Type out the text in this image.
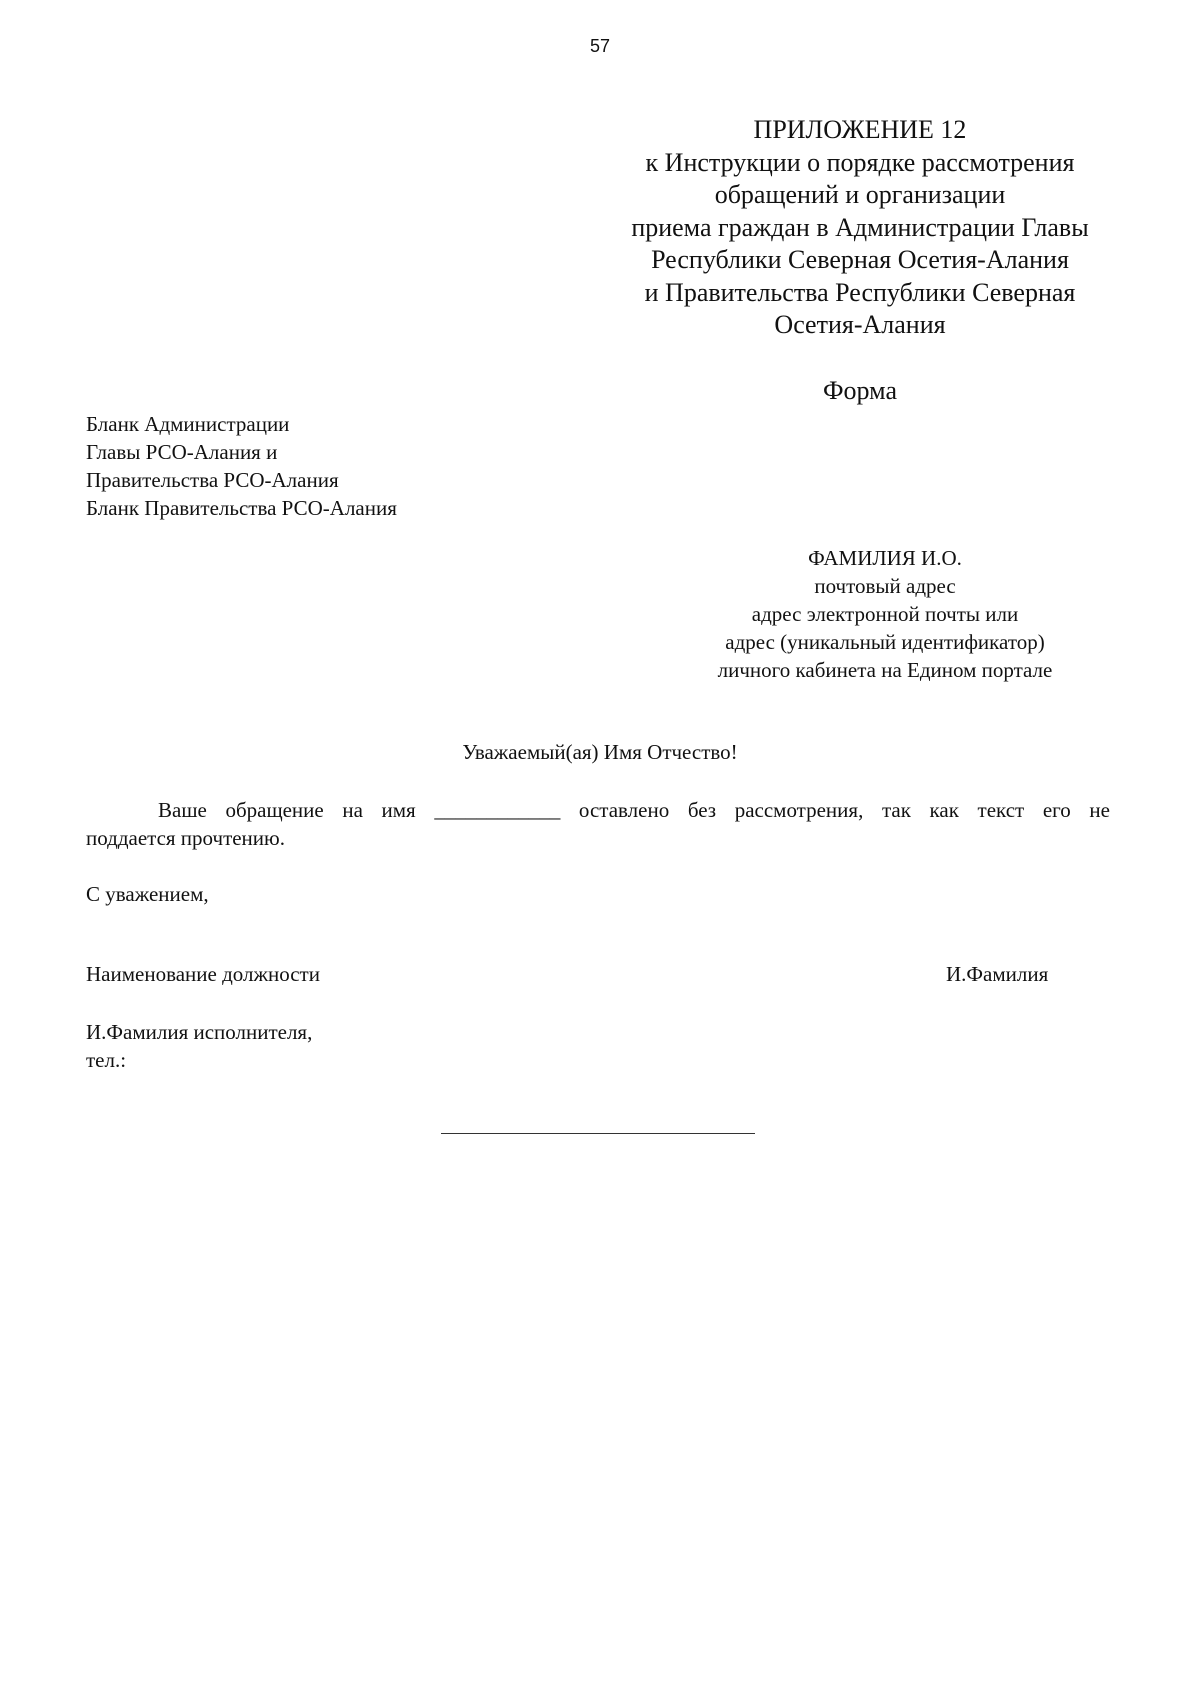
57
ПРИЛОЖЕНИЕ 12
к Инструкции о порядке рассмотрения
обращений и организации
приема граждан в Администрации Главы
Республики Северная Осетия-Алания
и Правительства Республики Северная
Осетия-Алания
Форма
Бланк Администрации
Главы РСО-Алания и
Правительства РСО-Алания
Бланк Правительства РСО-Алания
ФАМИЛИЯ И.О.
почтовый адрес
адрес электронной почты или
адрес (уникальный идентификатор)
личного кабинета на Едином портале
Уважаемый(ая) Имя Отчество!
Ваше обращение на имя ____________ оставлено без рассмотрения, так как текст его не
поддается прочтению.
С уважением,
Наименование должности	И.Фамилия
И.Фамилия исполнителя,
тел.:
